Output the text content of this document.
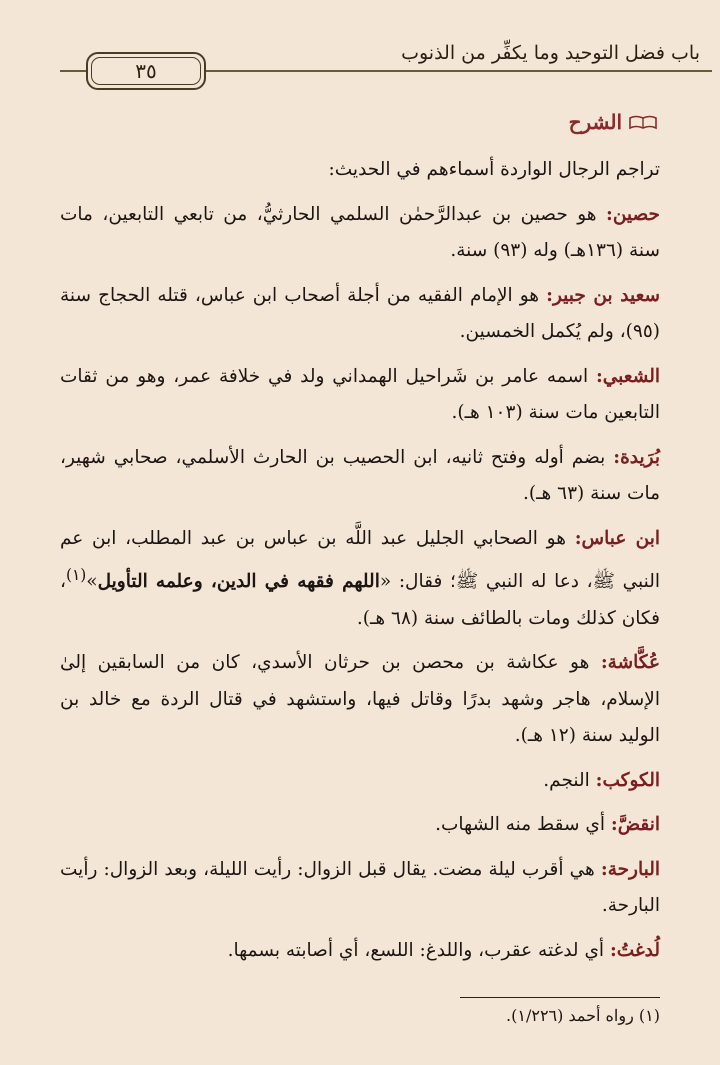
٣٥
باب فضل التوحيد وما يكفِّر من الذنوب
الشرح

تراجم الرجال الواردة أسماءهم في الحديث:

حصين: هو حصين بن عبدالرَّحمٰن السلمي الحارثيُّ، من تابعي التابعين، مات سنة (١٣٦هـ) وله (٩٣) سنة.

سعيد بن جبير: هو الإمام الفقيه من أجلة أصحاب ابن عباس، قتله الحجاج سنة (٩٥)، ولم يُكمل الخمسين.

الشعبي: اسمه عامر بن شَراحيل الهمداني ولد في خلافة عمر، وهو من ثقات التابعين مات سنة (١٠٣ هـ).

بُرَيدة: بضم أوله وفتح ثانيه، ابن الحصيب بن الحارث الأسلمي، صحابي شهير، مات سنة (٦٣ هـ).

ابن عباس: هو الصحابي الجليل عبد اللَّه بن عباس بن عبد المطلب، ابن عم النبي ﷺ، دعا له النبي ﷺ؛ فقال: «اللهم فقهه في الدين، وعلمه التأويل»$^{(١)}$، فكان كذلك ومات بالطائف سنة (٦٨ هـ).

عُكَّاشة: هو عكاشة بن محصن بن حرثان الأسدي، كان من السابقين إلىٰ الإسلام، هاجر وشهد بدرًا وقاتل فيها، واستشهد في قتال الردة مع خالد بن الوليد سنة (١٢ هـ).

الكوكب: النجم.

انقضَّ: أي سقط منه الشهاب.

البارحة: هي أقرب ليلة مضت. يقال قبل الزوال: رأيت الليلة، وبعد الزوال: رأيت البارحة.

لُدغتُ: أي لدغته عقرب، واللدغ: اللسع، أي أصابته بسمها.

(١) رواه أحمد (١/٢٢٦).
